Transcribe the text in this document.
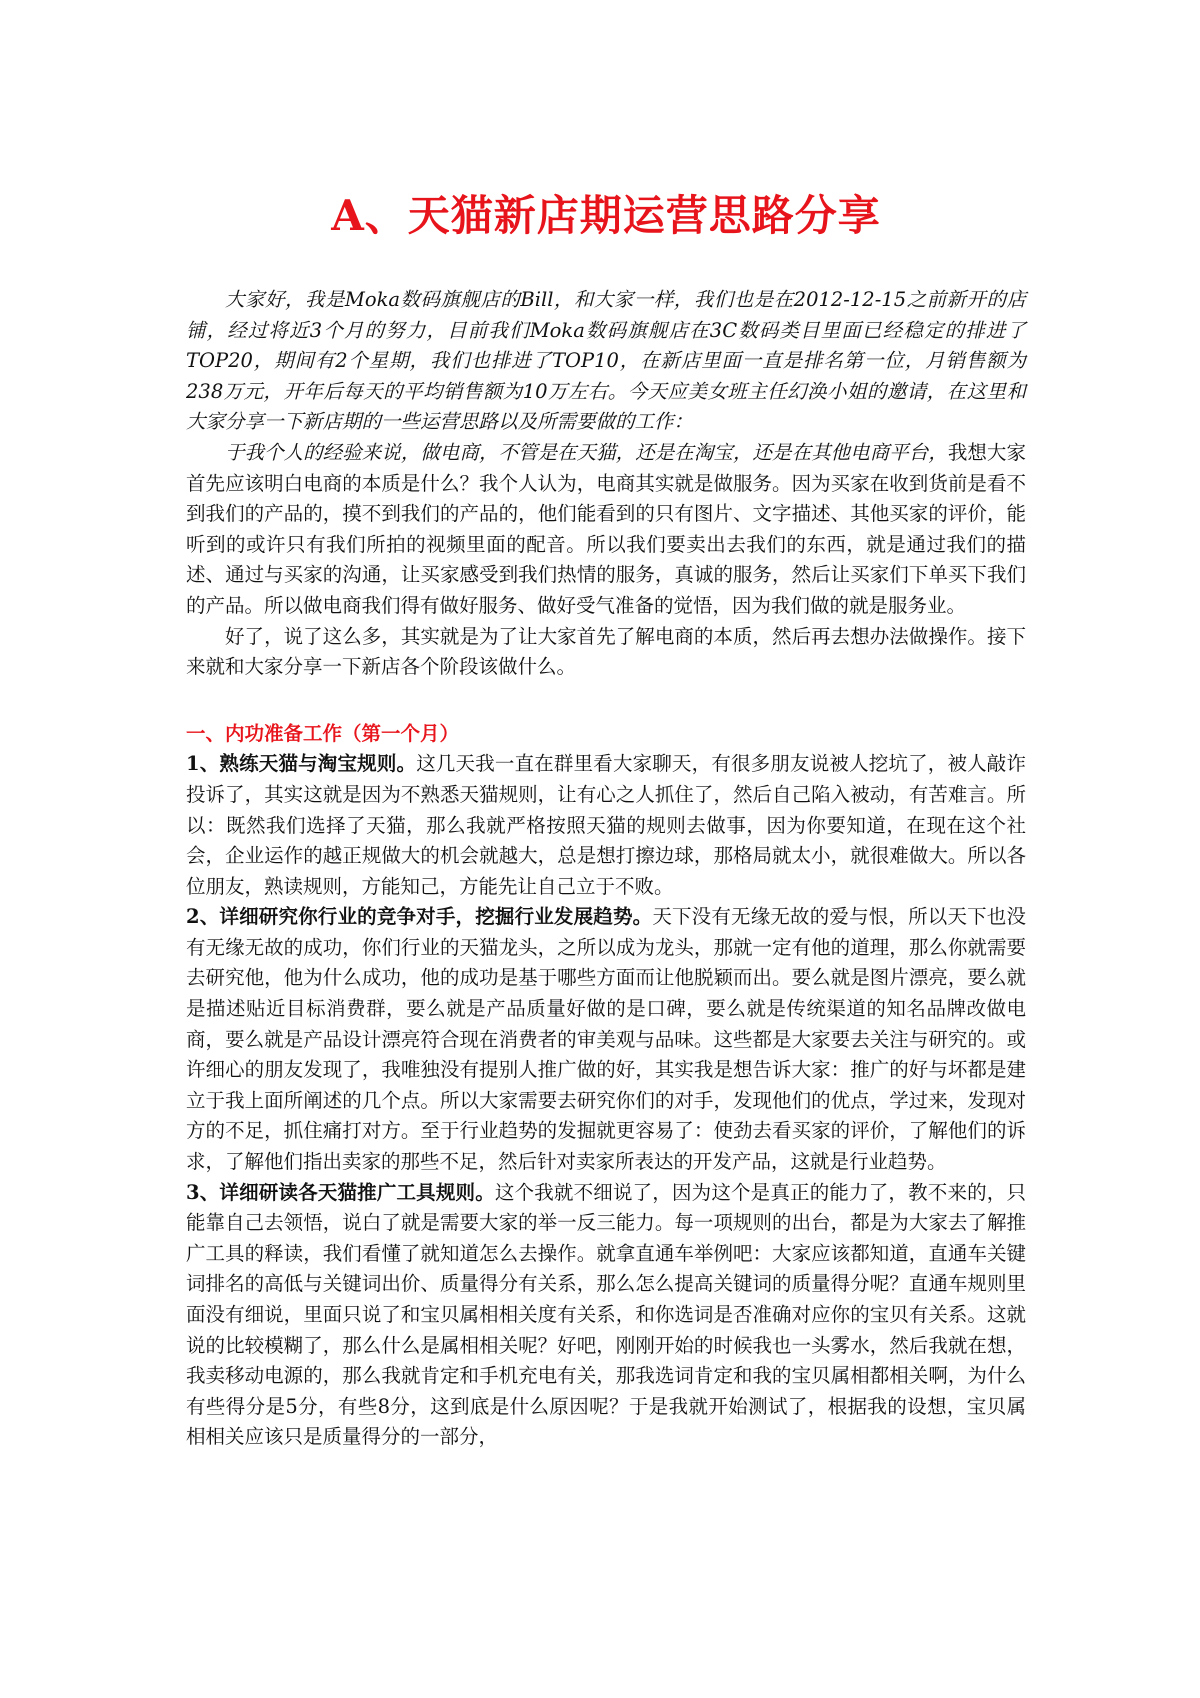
A、天猫新店期运营思路分享

大家好，我是Moka数码旗舰店的Bill，和大家一样，我们也是在2012-12-15之前新开的店铺，经过将近3个月的努力，目前我们Moka数码旗舰店在3C数码类目里面已经稳定的排进了TOP20，期间有2个星期，我们也排进了TOP10，在新店里面一直是排名第一位，月销售额为238万元，开年后每天的平均销售额为10万左右。今天应美女班主任幻涣小姐的邀请，在这里和大家分享一下新店期的一些运营思路以及所需要做的工作：

于我个人的经验来说，做电商，不管是在天猫，还是在淘宝，还是在其他电商平台，我想大家首先应该明白电商的本质是什么？我个人认为，电商其实就是做服务。因为买家在收到货前是看不到我们的产品的，摸不到我们的产品的，他们能看到的只有图片、文字描述、其他买家的评价，能听到的或许只有我们所拍的视频里面的配音。所以我们要卖出去我们的东西，就是通过我们的描述、通过与买家的沟通，让买家感受到我们热情的服务，真诚的服务，然后让买家们下单买下我们的产品。所以做电商我们得有做好服务、做好受气准备的觉悟，因为我们做的就是服务业。

好了，说了这么多，其实就是为了让大家首先了解电商的本质，然后再去想办法做操作。接下来就和大家分享一下新店各个阶段该做什么。

一、内功准备工作（第一个月）

1、熟练天猫与淘宝规则。这几天我一直在群里看大家聊天，有很多朋友说被人挖坑了，被人敲诈投诉了，其实这就是因为不熟悉天猫规则，让有心之人抓住了，然后自己陷入被动，有苦难言。所以：既然我们选择了天猫，那么我就严格按照天猫的规则去做事，因为你要知道，在现在这个社会，企业运作的越正规做大的机会就越大，总是想打擦边球，那格局就太小，就很难做大。所以各位朋友，熟读规则，方能知己，方能先让自己立于不败。

2、详细研究你行业的竞争对手，挖掘行业发展趋势。天下没有无缘无故的爱与恨，所以天下也没有无缘无故的成功，你们行业的天猫龙头，之所以成为龙头，那就一定有他的道理，那么你就需要去研究他，他为什么成功，他的成功是基于哪些方面而让他脱颖而出。要么就是图片漂亮，要么就是描述贴近目标消费群，要么就是产品质量好做的是口碑，要么就是传统渠道的知名品牌改做电商，要么就是产品设计漂亮符合现在消费者的审美观与品味。这些都是大家要去关注与研究的。或许细心的朋友发现了，我唯独没有提别人推广做的好，其实我是想告诉大家：推广的好与坏都是建立于我上面所阐述的几个点。所以大家需要去研究你们的对手，发现他们的优点，学过来，发现对方的不足，抓住痛打对方。至于行业趋势的发掘就更容易了：使劲去看买家的评价，了解他们的诉求，了解他们指出卖家的那些不足，然后针对卖家所表达的开发产品，这就是行业趋势。

3、详细研读各天猫推广工具规则。这个我就不细说了，因为这个是真正的能力了，教不来的，只能靠自己去领悟，说白了就是需要大家的举一反三能力。每一项规则的出台，都是为大家去了解推广工具的释读，我们看懂了就知道怎么去操作。就拿直通车举例吧：大家应该都知道，直通车关键词排名的高低与关键词出价、质量得分有关系，那么怎么提高关键词的质量得分呢？直通车规则里面没有细说，里面只说了和宝贝属相相关度有关系，和你选词是否准确对应你的宝贝有关系。这就说的比较模糊了，那么什么是属相相关呢？好吧，刚刚开始的时候我也一头雾水，然后我就在想，我卖移动电源的，那么我就肯定和手机充电有关，那我选词肯定和我的宝贝属相都相关啊，为什么有些得分是5分，有些8分，这到底是什么原因呢？于是我就开始测试了，根据我的设想，宝贝属相相关应该只是质量得分的一部分，
